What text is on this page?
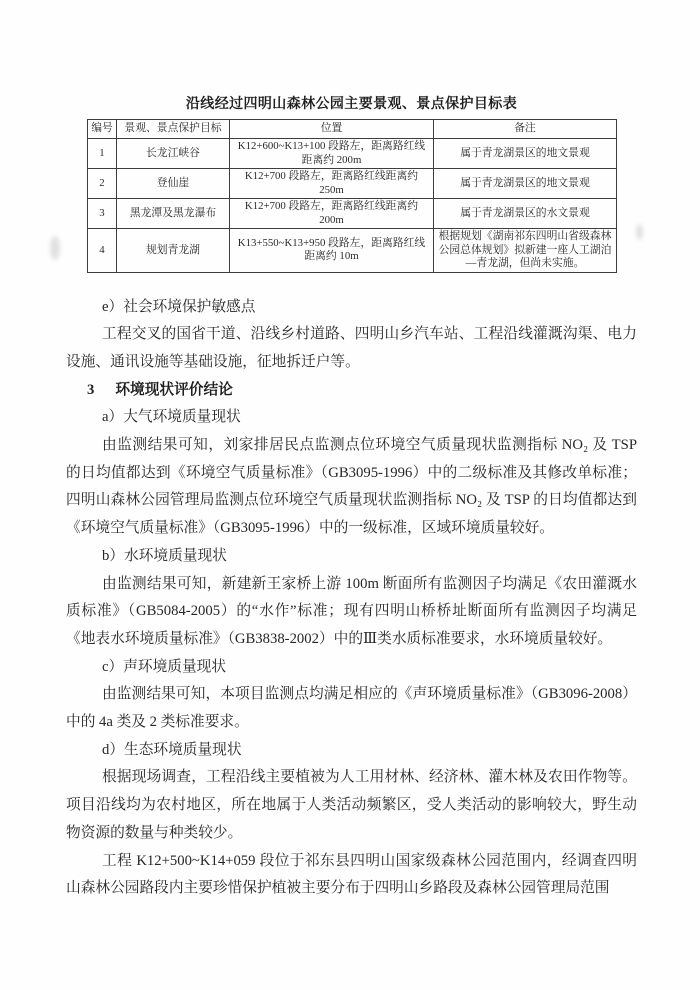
沿线经过四明山森林公园主要景观、景点保护目标表
编号	景观、景点保护目标	位置	备注
1	长龙江峡谷	K12+600~K13+100 段路左，距离路红线距离约 200m	属于青龙湖景区的地文景观
2	登仙崖	K12+700 段路左，距离路红线距离约 250m	属于青龙湖景区的地文景观
3	黑龙潭及黑龙瀑布	K12+700 段路左，距离路红线距离约 200m	属于青龙湖景区的水文景观
4	规划青龙湖	K13+550~K13+950 段路左，距离路红线距离约 10m	根据规划《湖南祁东四明山省级森林公园总体规划》拟新建一座人工湖泊—青龙湖，但尚未实施。

e）社会环境保护敏感点

工程交叉的国省干道、沿线乡村道路、四明山乡汽车站、工程沿线灌溉沟渠、电力设施、通讯设施等基础设施，征地拆迁户等。

3 环境现状评价结论

a）大气环境质量现状

由监测结果可知，刘家排居民点监测点位环境空气质量现状监测指标 NO₂ 及 TSP 的日均值都达到《环境空气质量标准》（GB3095-1996）中的二级标准及其修改单标准；四明山森林公园管理局监测点位环境空气质量现状监测指标 NO₂ 及 TSP 的日均值都达到《环境空气质量标准》（GB3095-1996）中的一级标准，区域环境质量较好。

b）水环境质量现状

由监测结果可知，新建新王家桥上游 100m 断面所有监测因子均满足《农田灌溉水质标准》（GB5084-2005）的“水作”标准；现有四明山桥桥址断面所有监测因子均满足《地表水环境质量标准》（GB3838-2002）中的Ⅲ类水质标准要求，水环境质量较好。

c）声环境质量现状

由监测结果可知，本项目监测点均满足相应的《声环境质量标准》（GB3096-2008）中的 4a 类及 2 类标准要求。

d）生态环境质量现状

根据现场调查，工程沿线主要植被为人工用材林、经济林、灌木林及农田作物等。项目沿线均为农村地区，所在地属于人类活动频繁区，受人类活动的影响较大，野生动物资源的数量与种类较少。

工程 K12+500~K14+059 段位于祁东县四明山国家级森林公园范围内，经调查四明山森林公园路段内主要珍惜保护植被主要分布于四明山乡路段及森林公园管理局范围
